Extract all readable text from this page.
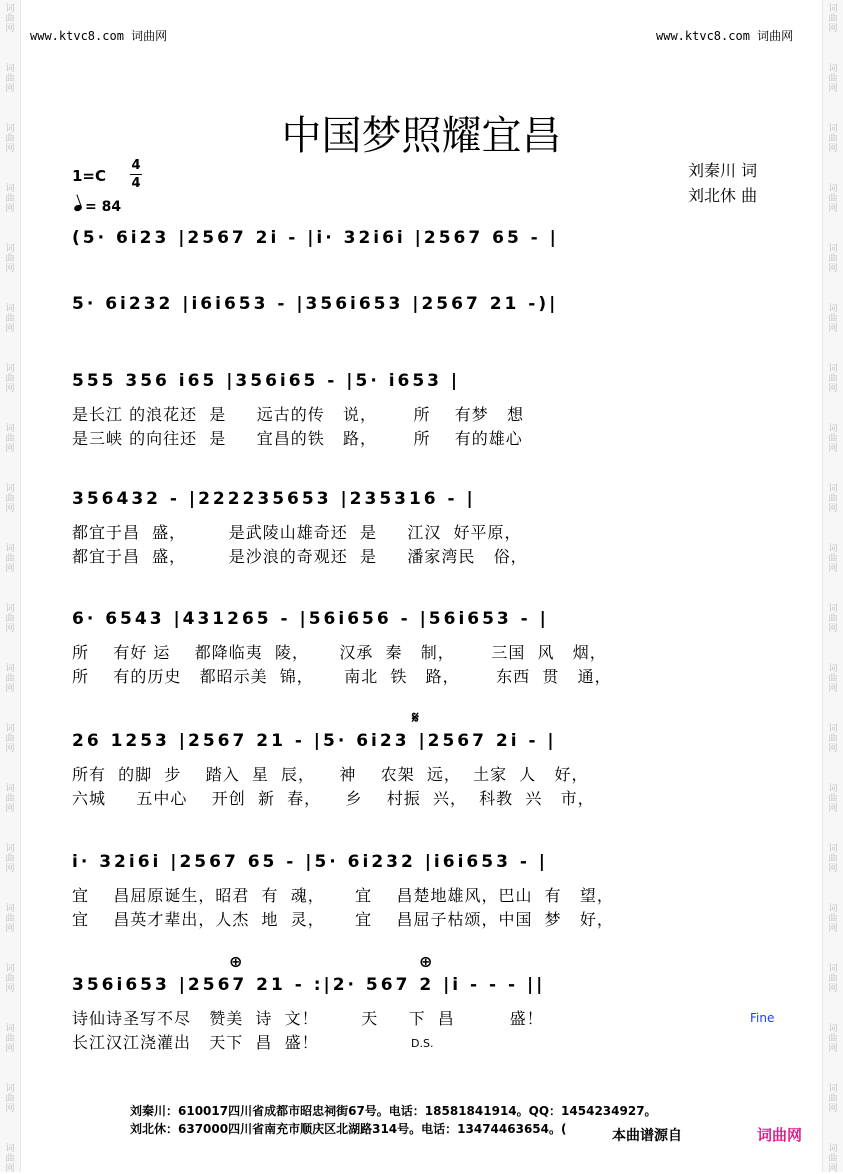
词
曲
网
词
曲
网
词
曲
网
词
曲
网
词
曲
网
词
曲
网
词
曲
网
词
曲
网
词
曲
网
词
曲
网
词
曲
网
词
曲
网
词
曲
网
词
曲
网
词
曲
网
词
曲
网
词
曲
网
词
曲
网
词
曲
网
词
曲
网
词
曲
网
词
曲
网
词
曲
网
词
曲
网
词
曲
网
词
曲
网
词
曲
网
词
曲
网
词
曲
网
词
曲
网
词
曲
网
词
曲
网
词
曲
网
词
曲
网
词
曲
网
词
曲
网
词
曲
网
词
曲
网
词
曲
网
词
曲
网
www.ktvc8.com 词曲网	www.ktvc8.com 词曲网
中国梦照耀宜昌
刘秦川 词
刘北休 曲
1=C
4
4
= 84
(5· 6i23 |2567 2i - |i· 32i6i |2567 65 - |
5· 6i232 |i6i653 - |356i653 |2567 21 -)|
555 356 i65 |356i65 - |5· i653 |
是长江 的浪花还  是     远古的传   说，      所    有梦   想
是三峡 的向往还  是     宜昌的铁   路，      所    有的雄心
356432 - |222235653 |235316 - |
都宜于昌  盛，       是武陵山雄奇还  是     江汉  好平原，
都宜于昌  盛，       是沙浪的奇观还  是     潘家湾民   俗，
6· 6543 |431265 - |56i656 - |56i653 - |
所    有好 运    都降临夷  陵，     汉承  秦   制，      三国  风   烟，
所    有的历史   都昭示美  锦，     南北  铁   路，      东西  贯   通，
𝄋
26 1253 |2567 21 - |5· 6i23 |2567 2i - |
所有  的脚  步    踏入  星  辰，    神    农架  远，  土家  人   好，
六城     五中心    开创  新  春，    乡    村振  兴，  科教  兴   市，
i· 32i6i |2567 65 - |5· 6i232 |i6i653 - |
宜    昌屈原诞生，昭君  有  魂，     宜    昌楚地雄风，巴山  有   望，
宜    昌英才辈出，人杰  地  灵，     宜    昌屈子枯颂，中国  梦   好，
⊕	⊕
356i653 |2567 21 - :|2· 567 2 |i - - - ||
诗仙诗圣写不尽   赞美  诗  文！       天     下  昌         盛！
长江汉江浇灌出   天下  昌  盛！	D.S.
Fine
刘秦川：610017四川省成都市昭忠祠街67号。电话：18581841914。QQ：1454234927。
刘北休：637000四川省南充市顺庆区北湖路314号。电话：13474463654。(	本曲谱源自	词曲网
